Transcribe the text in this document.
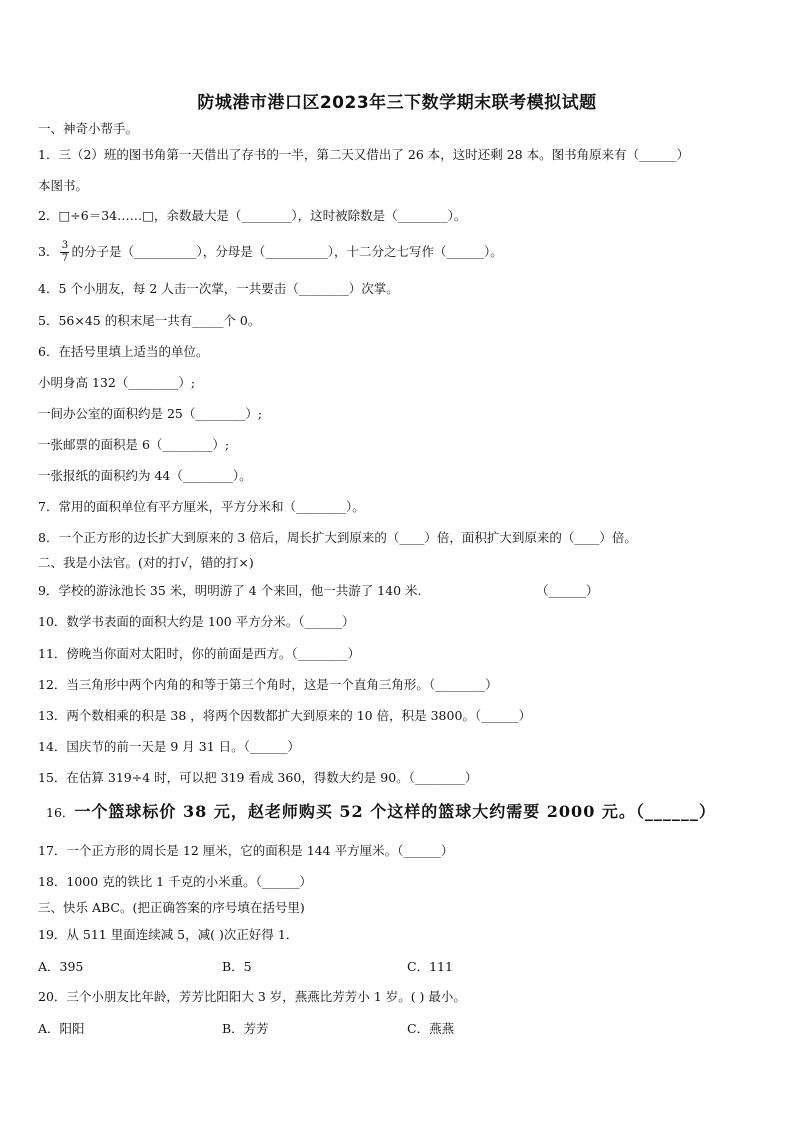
防城港市港口区2023年三下数学期末联考模拟试题
一、神奇小帮手。
1．三（2）班的图书角第一天借出了存书的一半，第二天又借出了 26 本，这时还剩 28 本。图书角原来有（______）
本图书。
2．□÷6＝34……□，余数最大是（________），这时被除数是（________）。
3． $\frac{3}{7}$ 的分子是（__________），分母是（__________），十二分之七写作（______）。
4．5 个小朋友，每 2 人击一次掌，一共要击（________）次掌。
5．56×45 的积末尾一共有_____个 0。
6．在括号里填上适当的单位。
小明身高 132（________）;
一间办公室的面积约是 25（________）;
一张邮票的面积是 6（________）;
一张报纸的面积约为 44（________）。
7．常用的面积单位有平方厘米，平方分米和（________）。
8．一个正方形的边长扩大到原来的 3 倍后，周长扩大到原来的（____）倍，面积扩大到原来的（____）倍。
二、我是小法官。(对的打√，错的打×)
9．学校的游泳池长 35 米，明明游了 4 个来回，他一共游了 140 米.	（______）
10．数学书表面的面积大约是 100 平方分米。（______）
11．傍晚当你面对太阳时，你的前面是西方。（________）
12．当三角形中两个内角的和等于第三个角时，这是一个直角三角形。（________）
13．两个数相乘的积是 38 ，将两个因数都扩大到原来的 10 倍，积是 3800。（______）
14．国庆节的前一天是 9 月 31 日。（______）
15．在估算 319÷4 时，可以把 319 看成 360，得数大约是 90。（________）
16．一个篮球标价 38 元，赵老师购买 52 个这样的篮球大约需要 2000 元。（______）
17．一个正方形的周长是 12 厘米，它的面积是 144 平方厘米。（______）
18．1000 克的铁比 1 千克的小米重。（______）
三、快乐 ABC。(把正确答案的序号填在括号里)
19．从 511 里面连续减 5，减( )次正好得 1．
A．395	B．5	C．111
20．三个小朋友比年龄，芳芳比阳阳大 3 岁，燕燕比芳芳小 1 岁。( ) 最小。
A．阳阳	B．芳芳	C．燕燕
